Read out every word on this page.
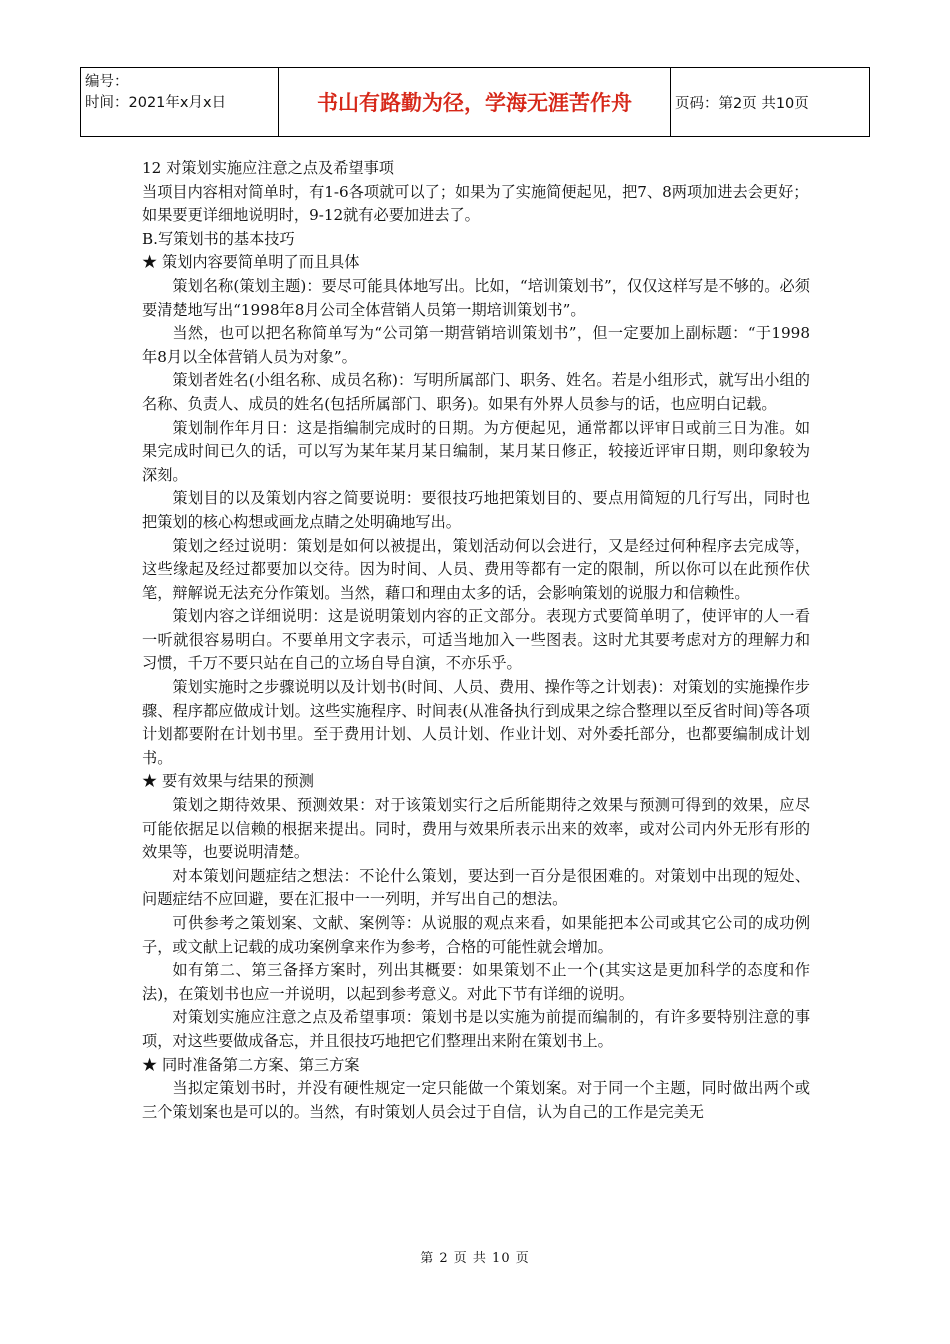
编号：
时间：2021年x月x日	书山有路勤为径，学海无涯苦作舟	页码：第2页 共10页

12 对策划实施应注意之点及希望事项

当项目内容相对简单时，有1-6各项就可以了；如果为了实施简便起见，把7、8两项加进去会更好；如果要更详细地说明时，9-12就有必要加进去了。

B.写策划书的基本技巧

★ 策划内容要简单明了而且具体

策划名称(策划主题)：要尽可能具体地写出。比如，“培训策划书”，仅仅这样写是不够的。必须要清楚地写出“1998年8月公司全体营销人员第一期培训策划书”。

当然，也可以把名称简单写为“公司第一期营销培训策划书”，但一定要加上副标题：“于1998年8月以全体营销人员为对象”。

策划者姓名(小组名称、成员名称)：写明所属部门、职务、姓名。若是小组形式，就写出小组的名称、负责人、成员的姓名(包括所属部门、职务)。如果有外界人员参与的话，也应明白记载。

策划制作年月日：这是指编制完成时的日期。为方便起见，通常都以评审日或前三日为准。如果完成时间已久的话，可以写为某年某月某日编制，某月某日修正，较接近评审日期，则印象较为深刻。

策划目的以及策划内容之简要说明：要很技巧地把策划目的、要点用简短的几行写出，同时也把策划的核心构想或画龙点睛之处明确地写出。

策划之经过说明：策划是如何以被提出，策划活动何以会进行，又是经过何种程序去完成等，这些缘起及经过都要加以交待。因为时间、人员、费用等都有一定的限制，所以你可以在此预作伏笔，辩解说无法充分作策划。当然，藉口和理由太多的话，会影响策划的说服力和信赖性。

策划内容之详细说明：这是说明策划内容的正文部分。表现方式要简单明了，使评审的人一看一听就很容易明白。不要单用文字表示，可适当地加入一些图表。这时尤其要考虑对方的理解力和习惯，千万不要只站在自己的立场自导自演，不亦乐乎。

策划实施时之步骤说明以及计划书(时间、人员、费用、操作等之计划表)：对策划的实施操作步骤、程序都应做成计划。这些实施程序、时间表(从准备执行到成果之综合整理以至反省时间)等各项计划都要附在计划书里。至于费用计划、人员计划、作业计划、对外委托部分，也都要编制成计划书。

★ 要有效果与结果的预测

策划之期待效果、预测效果：对于该策划实行之后所能期待之效果与预测可得到的效果，应尽可能依据足以信赖的根据来提出。同时，费用与效果所表示出来的效率，或对公司内外无形有形的效果等，也要说明清楚。

对本策划问题症结之想法：不论什么策划，要达到一百分是很困难的。对策划中出现的短处、问题症结不应回避，要在汇报中一一列明，并写出自己的想法。

可供参考之策划案、文献、案例等：从说服的观点来看，如果能把本公司或其它公司的成功例子，或文献上记载的成功案例拿来作为参考，合格的可能性就会增加。

如有第二、第三备择方案时，列出其概要：如果策划不止一个(其实这是更加科学的态度和作法)，在策划书也应一并说明，以起到参考意义。对此下节有详细的说明。

对策划实施应注意之点及希望事项：策划书是以实施为前提而编制的，有许多要特别注意的事项，对这些要做成备忘，并且很技巧地把它们整理出来附在策划书上。

★ 同时准备第二方案、第三方案

当拟定策划书时，并没有硬性规定一定只能做一个策划案。对于同一个主题，同时做出两个或三个策划案也是可以的。当然，有时策划人员会过于自信，认为自己的工作是完美无

第 2 页 共 10 页
